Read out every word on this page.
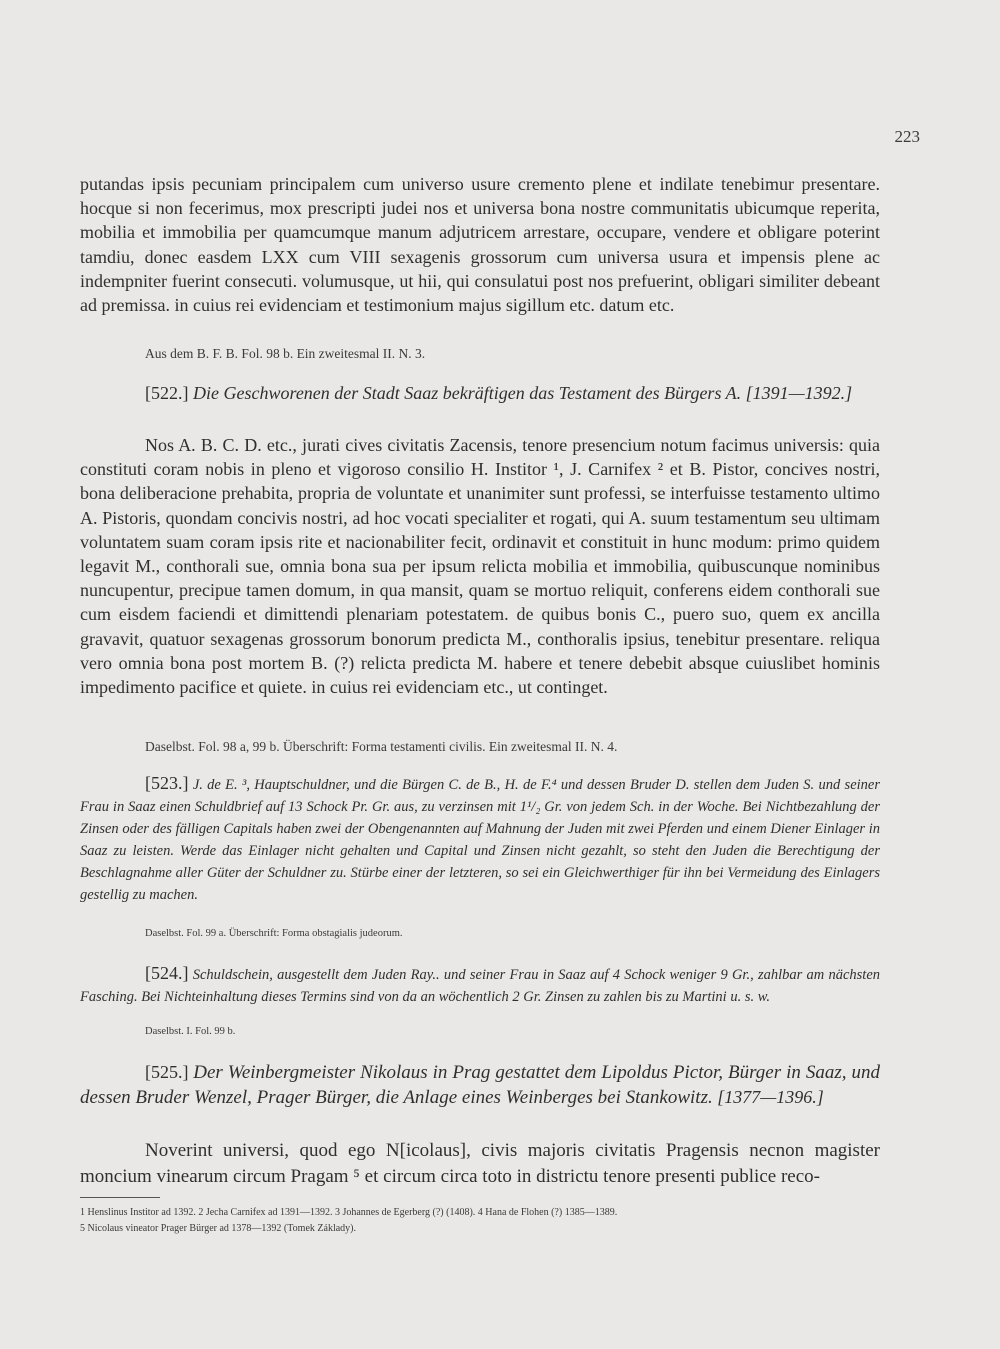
223
putandas ipsis pecuniam principalem cum universo usure cremento plene et indilate tenebimur presentare. hocque si non fecerimus, mox prescripti judei nos et universa bona nostre communitatis ubicumque reperita, mobilia et immobilia per quamcumque manum adjutricem arrestare, occupare, vendere et obligare poterint tamdiu, donec easdem LXX cum VIII sexagenis grossorum cum universa usura et impensis plene ac indempniter fuerint consecuti. volumusque, ut hii, qui consulatui post nos prefuerint, obligari similiter debeant ad premissa. in cuius rei evidenciam et testimonium majus sigillum etc. datum etc.
Aus dem B. F. B. Fol. 98 b. Ein zweitesmal II. N. 3.
[522.] Die Geschworenen der Stadt Saaz bekräftigen das Testament des Bürgers A. [1391—1392.]
Nos A. B. C. D. etc., jurati cives civitatis Zacensis, tenore presencium notum facimus universis: quia constituti coram nobis in pleno et vigoroso consilio H. Institor ¹, J. Carnifex ² et B. Pistor, concives nostri, bona deliberacione prehabita, propria de voluntate et unanimiter sunt professi, se interfuisse testamento ultimo A. Pistoris, quondam concivis nostri, ad hoc vocati specialiter et rogati, qui A. suum testamentum seu ultimam voluntatem suam coram ipsis rite et nacionabiliter fecit, ordinavit et constituit in hunc modum: primo quidem legavit M., conthorali sue, omnia bona sua per ipsum relicta mobilia et immobilia, quibuscunque nominibus nuncupentur, precipue tamen domum, in qua mansit, quam se mortuo reliquit, conferens eidem conthorali sue cum eisdem faciendi et dimittendi plenariam potestatem. de quibus bonis C., puero suo, quem ex ancilla gravavit, quatuor sexagenas grossorum bonorum predicta M., conthoralis ipsius, tenebitur presentare. reliqua vero omnia bona post mortem B. (?) relicta predicta M. habere et tenere debebit absque cuiuslibet hominis impedimento pacifice et quiete. in cuius rei evidenciam etc., ut continget.
Daselbst. Fol. 98 a, 99 b. Überschrift: Forma testamenti civilis. Ein zweitesmal II. N. 4.
[523.] J. de E. ³, Hauptschuldner, und die Bürgen C. de B., H. de F.⁴ und dessen Bruder D. stellen dem Juden S. und seiner Frau in Saaz einen Schuldbrief auf 13 Schock Pr. Gr. aus, zu verzinsen mit 1¹/₂ Gr. von jedem Sch. in der Woche. Bei Nichtbezahlung der Zinsen oder des fälligen Capitals haben zwei der Obengenannten auf Mahnung der Juden mit zwei Pferden und einem Diener Einlager in Saaz zu leisten. Werde das Einlager nicht gehalten und Capital und Zinsen nicht gezahlt, so steht den Juden die Berechtigung der Beschlagnahme aller Güter der Schuldner zu. Stürbe einer der letzteren, so sei ein Gleichwerthiger für ihn bei Vermeidung des Einlagers gestellig zu machen.
Daselbst. Fol. 99 a. Überschrift: Forma obstagialis judeorum.
[524.] Schuldschein, ausgestellt dem Juden Ray.. und seiner Frau in Saaz auf 4 Schock weniger 9 Gr., zahlbar am nächsten Fasching. Bei Nichteinhaltung dieses Termins sind von da an wöchentlich 2 Gr. Zinsen zu zahlen bis zu Martini u. s. w.
Daselbst. I. Fol. 99 b.
[525.] Der Weinbergmeister Nikolaus in Prag gestattet dem Lipoldus Pictor, Bürger in Saaz, und dessen Bruder Wenzel, Prager Bürger, die Anlage eines Weinberges bei Stankowitz. [1377—1396.]
Noverint universi, quod ego N[icolaus], civis majoris civitatis Pragensis necnon magister moncium vinearum circum Pragam ⁵ et circum circa toto in districtu tenore presenti publice reco-
1 Henslinus Institor ad 1392. 2 Jecha Carnifex ad 1391—1392. 3 Johannes de Egerberg (?) (1408). 4 Hana de Flohen (?) 1385—1389.
5 Nicolaus vineator Prager Bürger ad 1378—1392 (Tomek Základy).
